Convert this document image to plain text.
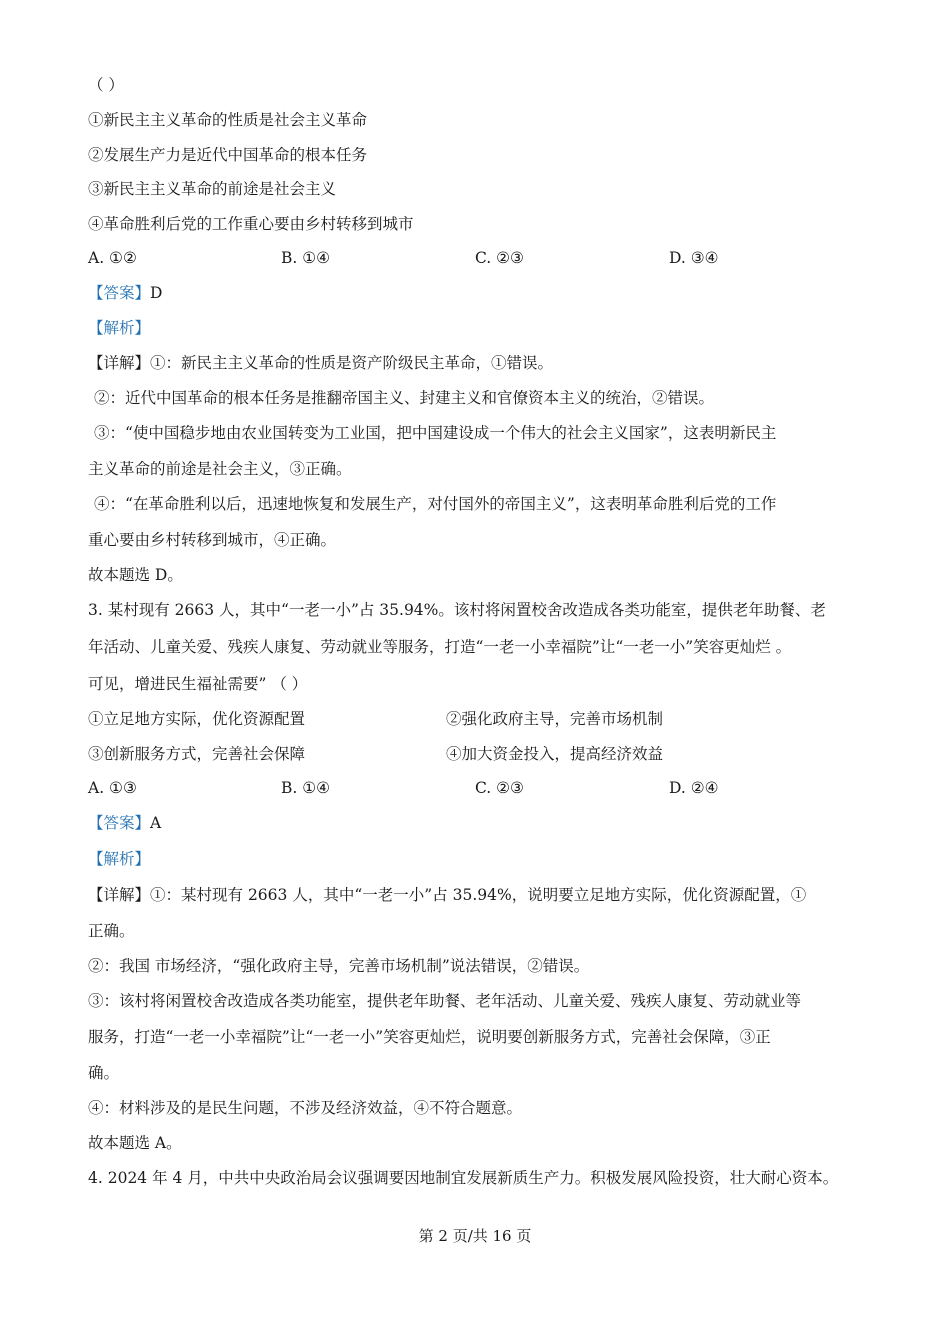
（ ）
①新民主主义革命的性质是社会主义革命
②发展生产力是近代中国革命的根本任务
③新民主主义革命的前途是社会主义
④革命胜利后党的工作重心要由乡村转移到城市
A. ①②	B. ①④	C. ②③	D. ③④
【答案】D
【解析】
【详解】①：新民主主义革命的性质是资产阶级民主革命，①错误。
②：近代中国革命的根本任务是推翻帝国主义、封建主义和官僚资本主义的统治，②错误。
③：“使中国稳步地由农业国转变为工业国，把中国建设成一个伟大的社会主义国家”，这表明新民主
主义革命的前途是社会主义，③正确。
④：“在革命胜利以后，迅速地恢复和发展生产，对付国外的帝国主义”，这表明革命胜利后党的工作
重心要由乡村转移到城市，④正确。
故本题选 D。
3. 某村现有 2663 人，其中“一老一小”占 35.94%。该村将闲置校舍改造成各类功能室，提供老年助餐、老
年活动、儿童关爱、残疾人康复、劳动就业等服务，打造“一老一小幸福院”让“一老一小”笑容更灿烂 。
可见，增进民生福祉需要” （ ）
①立足地方实际，优化资源配置	②强化政府主导，完善市场机制
③创新服务方式，完善社会保障	④加大资金投入，提高经济效益
A. ①③	B. ①④	C. ②③	D. ②④
【答案】A
【解析】
【详解】①：某村现有 2663 人，其中“一老一小”占 35.94%，说明要立足地方实际，优化资源配置，①
正确。
②：我国 市场经济，“强化政府主导，完善市场机制”说法错误，②错误。
③：该村将闲置校舍改造成各类功能室，提供老年助餐、老年活动、儿童关爱、残疾人康复、劳动就业等
服务，打造“一老一小幸福院”让“一老一小”笑容更灿烂，说明要创新服务方式，完善社会保障，③正
确。
④：材料涉及的是民生问题，不涉及经济效益，④不符合题意。
故本题选 A。
4. 2024 年 4 月，中共中央政治局会议强调要因地制宜发展新质生产力。积极发展风险投资，壮大耐心资本。
第 2 页/共 16 页
